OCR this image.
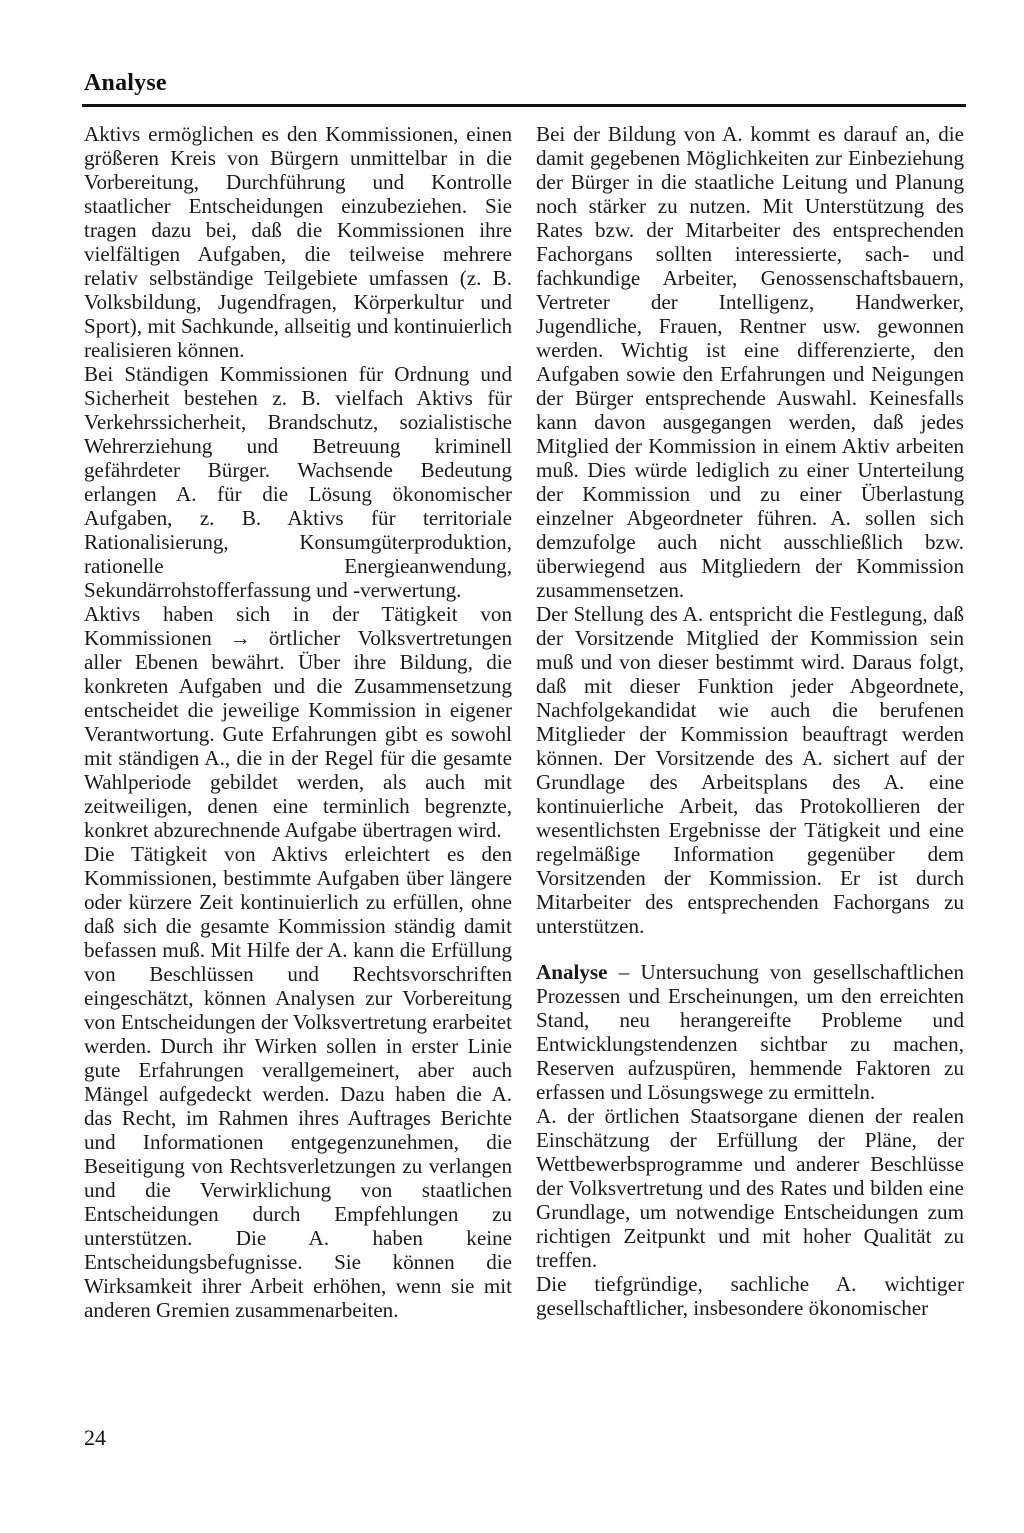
Analyse

Aktivs ermöglichen es den Kommissionen, einen größeren Kreis von Bürgern unmittelbar in die Vorbereitung, Durchführung und Kontrolle staatlicher Entscheidungen einzubeziehen. Sie tragen dazu bei, daß die Kommissionen ihre vielfältigen Aufgaben, die teilweise mehrere relativ selbständige Teilgebiete umfassen (z. B. Volksbildung, Jugendfragen, Körperkultur und Sport), mit Sachkunde, allseitig und kontinuierlich realisieren können.

Bei Ständigen Kommissionen für Ordnung und Sicherheit bestehen z. B. vielfach Aktivs für Verkehrssicherheit, Brandschutz, sozialistische Wehrerziehung und Betreuung kriminell gefährdeter Bürger. Wachsende Bedeutung erlangen A. für die Lösung ökonomischer Aufgaben, z. B. Aktivs für territoriale Rationalisierung, Konsumgüterproduktion, rationelle Energieanwendung, Sekundärrohstofferfassung und -verwertung.

Aktivs haben sich in der Tätigkeit von Kommissionen → örtlicher Volksvertretungen aller Ebenen bewährt. Über ihre Bildung, die konkreten Aufgaben und die Zusammensetzung entscheidet die jeweilige Kommission in eigener Verantwortung. Gute Erfahrungen gibt es sowohl mit ständigen A., die in der Regel für die gesamte Wahlperiode gebildet werden, als auch mit zeitweiligen, denen eine terminlich begrenzte, konkret abzurechnende Aufgabe übertragen wird.

Die Tätigkeit von Aktivs erleichtert es den Kommissionen, bestimmte Aufgaben über längere oder kürzere Zeit kontinuierlich zu erfüllen, ohne daß sich die gesamte Kommission ständig damit befassen muß. Mit Hilfe der A. kann die Erfüllung von Beschlüssen und Rechtsvorschriften eingeschätzt, können Analysen zur Vorbereitung von Entscheidungen der Volksvertretung erarbeitet werden. Durch ihr Wirken sollen in erster Linie gute Erfahrungen verallgemeinert, aber auch Mängel aufgedeckt werden. Dazu haben die A. das Recht, im Rahmen ihres Auftrages Berichte und Informationen entgegenzunehmen, die Beseitigung von Rechtsverletzungen zu verlangen und die Verwirklichung von staatlichen Entscheidungen durch Empfehlungen zu unterstützen. Die A. haben keine Entscheidungsbefugnisse. Sie können die Wirksamkeit ihrer Arbeit erhöhen, wenn sie mit anderen Gremien zusammenarbeiten.

Bei der Bildung von A. kommt es darauf an, die damit gegebenen Möglichkeiten zur Einbeziehung der Bürger in die staatliche Leitung und Planung noch stärker zu nutzen. Mit Unterstützung des Rates bzw. der Mitarbeiter des entsprechenden Fachorgans sollten interessierte, sach- und fachkundige Arbeiter, Genossenschaftsbauern, Vertreter der Intelligenz, Handwerker, Jugendliche, Frauen, Rentner usw. gewonnen werden. Wichtig ist eine differenzierte, den Aufgaben sowie den Erfahrungen und Neigungen der Bürger entsprechende Auswahl. Keinesfalls kann davon ausgegangen werden, daß jedes Mitglied der Kommission in einem Aktiv arbeiten muß. Dies würde lediglich zu einer Unterteilung der Kommission und zu einer Überlastung einzelner Abgeordneter führen. A. sollen sich demzufolge auch nicht ausschließlich bzw. überwiegend aus Mitgliedern der Kommission zusammensetzen.

Der Stellung des A. entspricht die Festlegung, daß der Vorsitzende Mitglied der Kommission sein muß und von dieser bestimmt wird. Daraus folgt, daß mit dieser Funktion jeder Abgeordnete, Nachfolgekandidat wie auch die berufenen Mitglieder der Kommission beauftragt werden können. Der Vorsitzende des A. sichert auf der Grundlage des Arbeitsplans des A. eine kontinuierliche Arbeit, das Protokollieren der wesentlichsten Ergebnisse der Tätigkeit und eine regelmäßige Information gegenüber dem Vorsitzenden der Kommission. Er ist durch Mitarbeiter des entsprechenden Fachorgans zu unterstützen.

Analyse – Untersuchung von gesellschaftlichen Prozessen und Erscheinungen, um den erreichten Stand, neu herangereifte Probleme und Entwicklungstendenzen sichtbar zu machen, Reserven aufzuspüren, hemmende Faktoren zu erfassen und Lösungswege zu ermitteln.

A. der örtlichen Staatsorgane dienen der realen Einschätzung der Erfüllung der Pläne, der Wettbewerbsprogramme und anderer Beschlüsse der Volksvertretung und des Rates und bilden eine Grundlage, um notwendige Entscheidungen zum richtigen Zeitpunkt und mit hoher Qualität zu treffen.

Die tiefgründige, sachliche A. wichtiger gesellschaftlicher, insbesondere ökonomischer

24
